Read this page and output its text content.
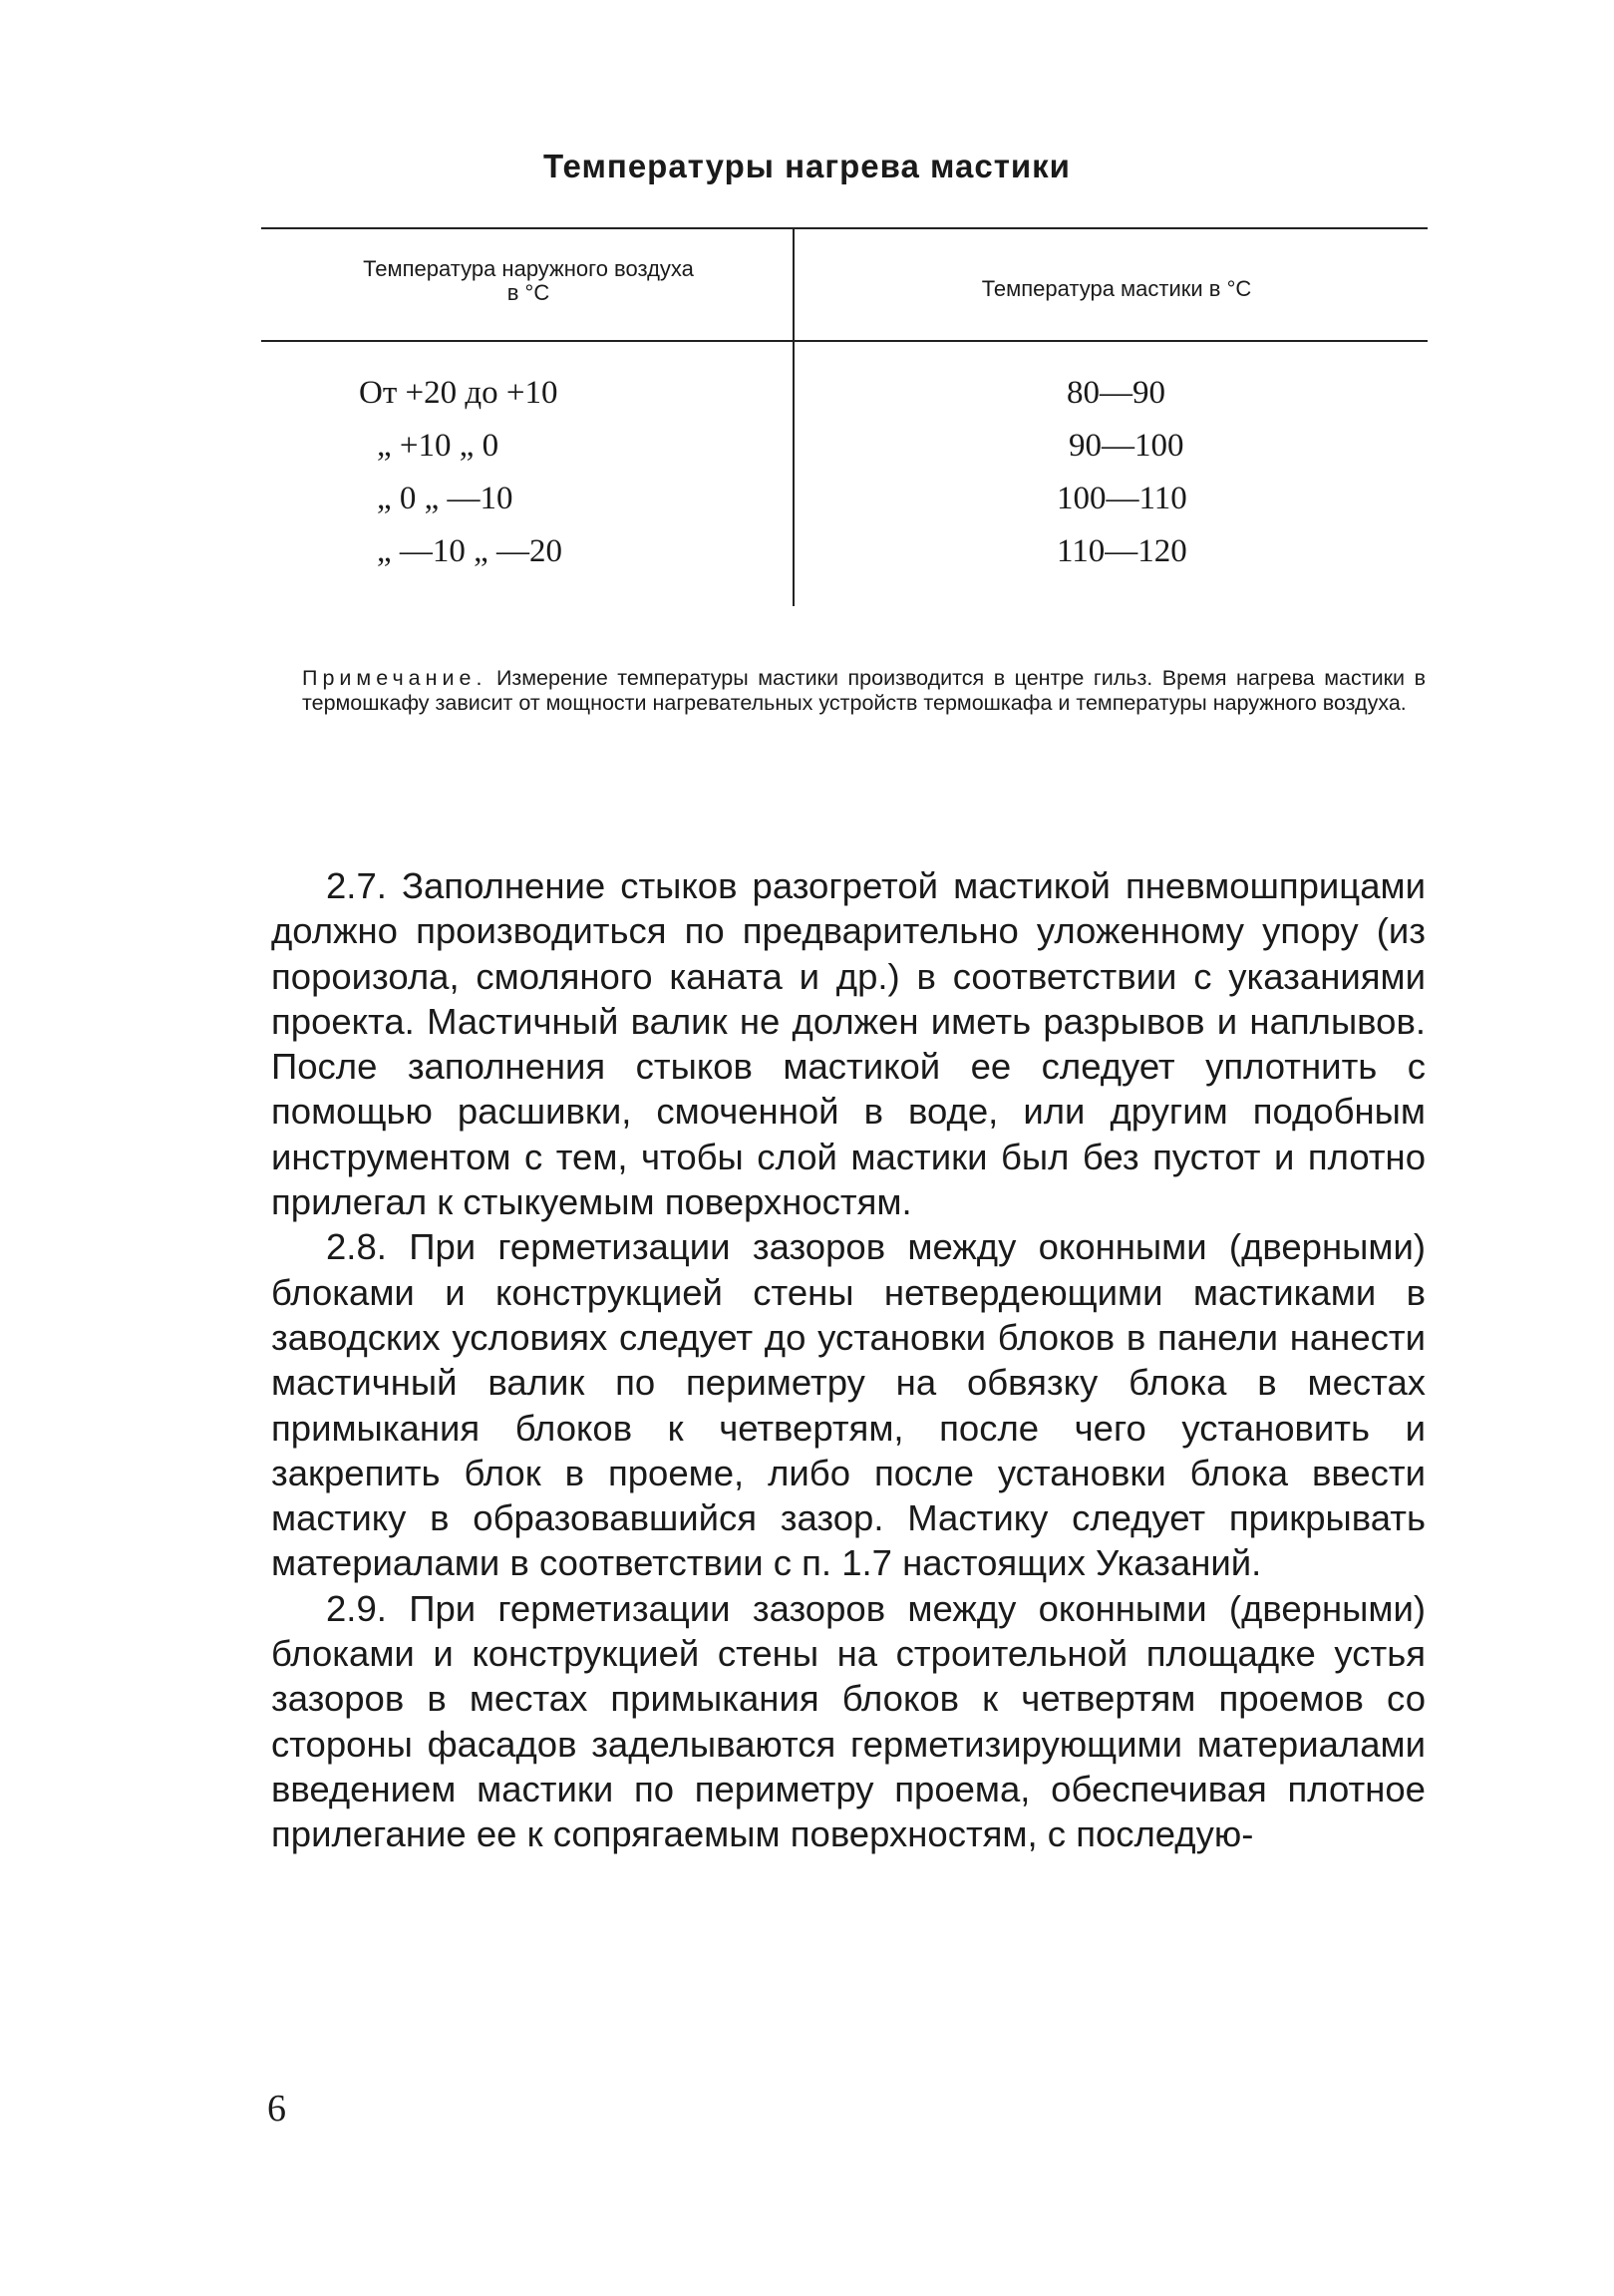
Температуры нагрева мастики
Температура наружного воздуха в °С	Температура мастики в °С
От +20 до +10	80—90
„ +10 „ 0	90—100
„ 0 „ —10	100—110
„ —10 „ —20	110—120
Примечание. Измерение температуры мастики производится в центре гильз. Время нагрева мастики в термошкафу зависит от мощности нагревательных устройств термошкафа и температуры наружного воздуха.

2.7. Заполнение стыков разогретой мастикой пневмошприцами должно производиться по предварительно уложенному упору (из пороизола, смоляного каната и др.) в соответствии с указаниями проекта. Мастичный валик не должен иметь разрывов и наплывов. После заполнения стыков мастикой ее следует уплотнить с помощью расшивки, смоченной в воде, или другим подобным инструментом с тем, чтобы слой мастики был без пустот и плотно прилегал к стыкуемым поверхностям.

2.8. При герметизации зазоров между оконными (дверными) блоками и конструкцией стены нетвердеющими мастиками в заводских условиях следует до установки блоков в панели нанести мастичный валик по периметру на обвязку блока в местах примыкания блоков к четвертям, после чего установить и закрепить блок в проеме, либо после установки блока ввести мастику в образовавшийся зазор. Мастику следует прикрывать материалами в соответствии с п. 1.7 настоящих Указаний.

2.9. При герметизации зазоров между оконными (дверными) блоками и конструкцией стены на строительной площадке устья зазоров в местах примыкания блоков к четвертям проемов со стороны фасадов заделываются герметизирующими материалами введением мастики по периметру проема, обеспечивая плотное прилегание ее к сопрягаемым поверхностям, с последую-

6
